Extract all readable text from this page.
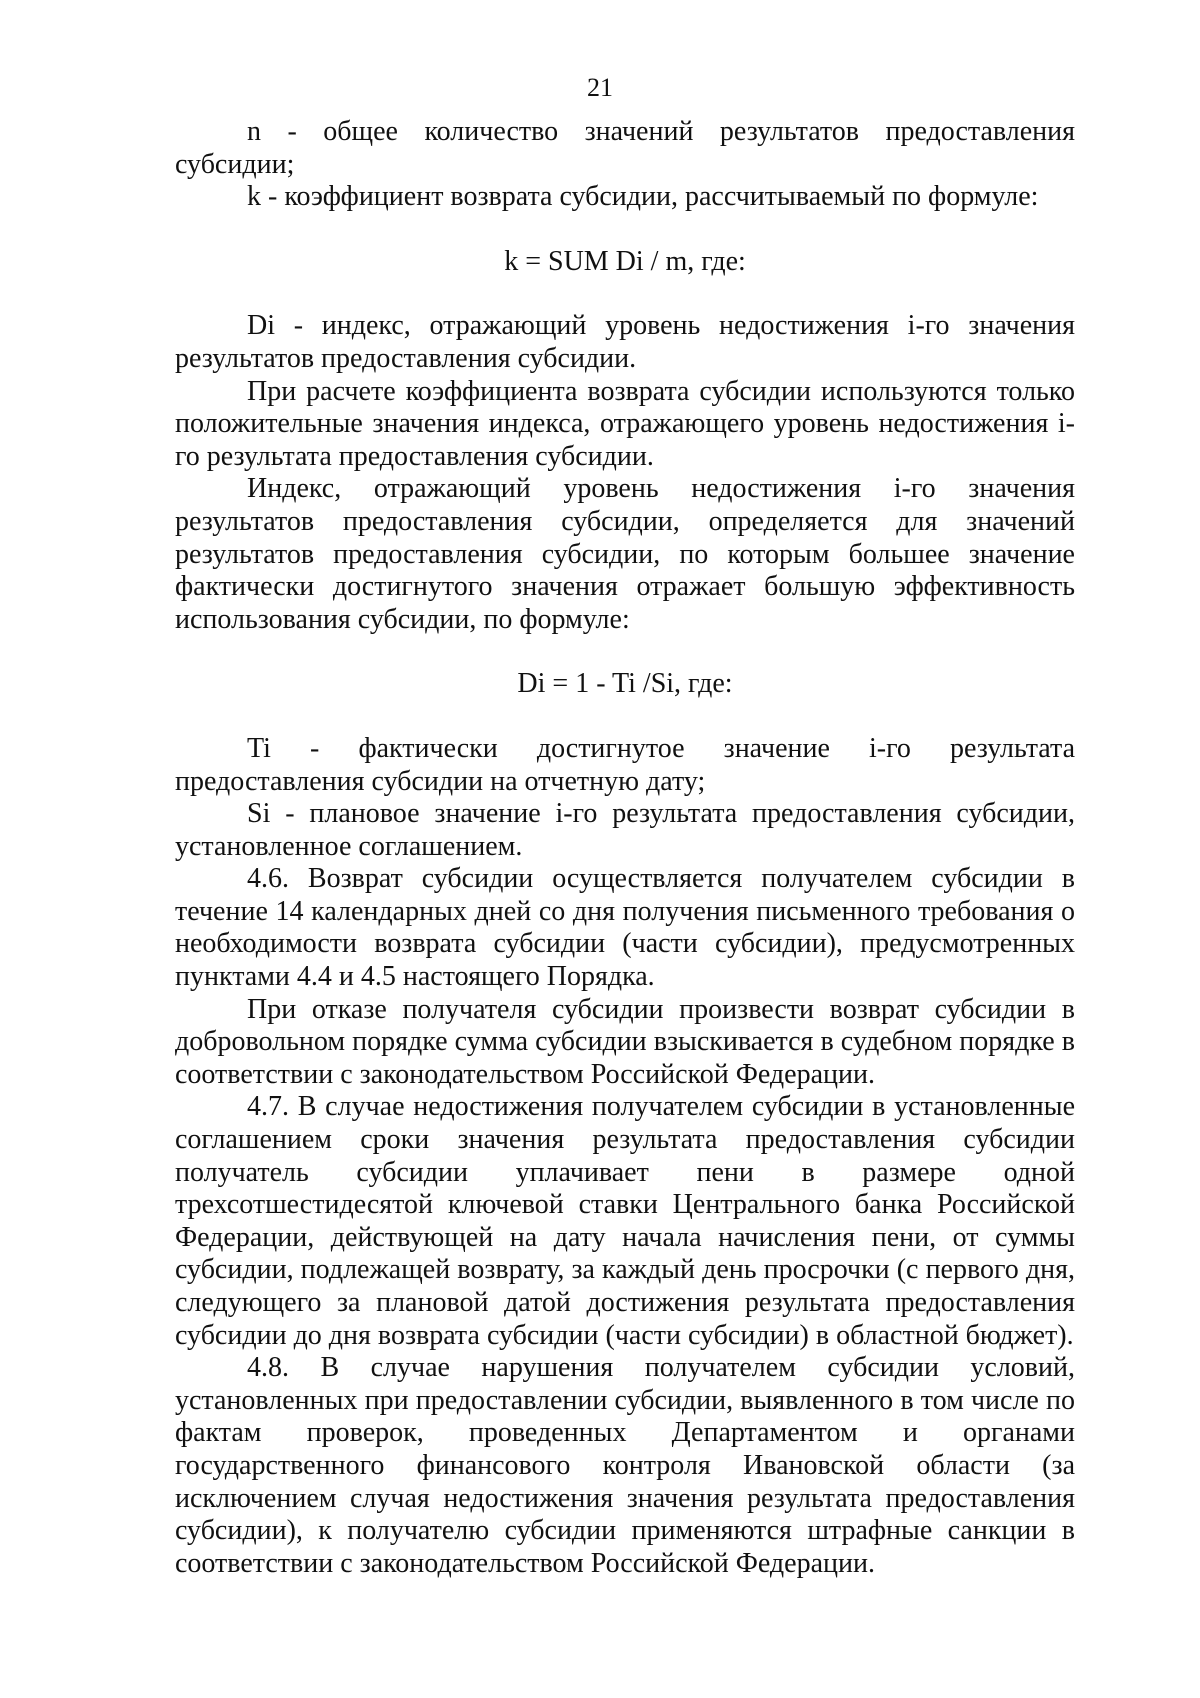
21

n - общее количество значений результатов предоставления субсидии;

k - коэффициент возврата субсидии, рассчитываемый по формуле:

k = SUM Di / m, где:

Di - индекс, отражающий уровень недостижения i-го значения результатов предоставления субсидии.

При расчете коэффициента возврата субсидии используются только положительные значения индекса, отражающего уровень недостижения i-го результата предоставления субсидии.

Индекс, отражающий уровень недостижения i-го значения результатов предоставления субсидии, определяется для значений результатов предоставления субсидии, по которым большее значение фактически достигнутого значения отражает большую эффективность использования субсидии, по формуле:

Di = 1 - Ti /Si, где:

Ti - фактически достигнутое значение i-го результата предоставления субсидии на отчетную дату;

Si - плановое значение i-го результата предоставления субсидии, установленное соглашением.

4.6. Возврат субсидии осуществляется получателем субсидии в течение 14 календарных дней со дня получения письменного требования о необходимости возврата субсидии (части субсидии), предусмотренных пунктами 4.4 и 4.5 настоящего Порядка.

При отказе получателя субсидии произвести возврат субсидии в добровольном порядке сумма субсидии взыскивается в судебном порядке в соответствии с законодательством Российской Федерации.

4.7. В случае недостижения получателем субсидии в установленные соглашением сроки значения результата предоставления субсидии получатель субсидии уплачивает пени в размере одной трехсотшестидесятой ключевой ставки Центрального банка Российской Федерации, действующей на дату начала начисления пени, от суммы субсидии, подлежащей возврату, за каждый день просрочки (с первого дня, следующего за плановой датой достижения результата предоставления субсидии до дня возврата субсидии (части субсидии) в областной бюджет).

4.8. В случае нарушения получателем субсидии условий, установленных при предоставлении субсидии, выявленного в том числе по фактам проверок, проведенных Департаментом и органами государственного финансового контроля Ивановской области (за исключением случая недостижения значения результата предоставления субсидии), к получателю субсидии применяются штрафные санкции в соответствии с законодательством Российской Федерации.
